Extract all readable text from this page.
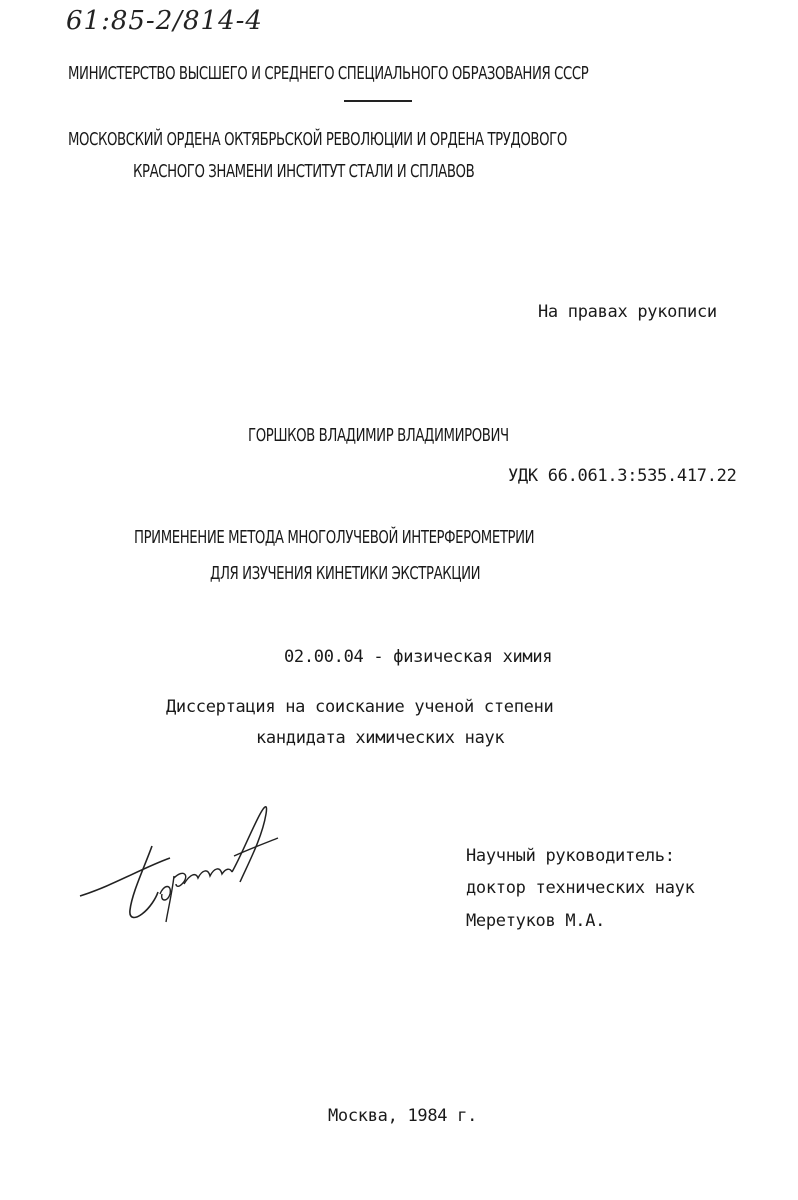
61:85-2/814-4
МИНИСТЕРСТВО ВЫСШЕГО И СРЕДНЕГО СПЕЦИАЛЬНОГО ОБРАЗОВАНИЯ СССР
МОСКОВСКИЙ ОРДЕНА ОКТЯБРЬСКОЙ РЕВОЛЮЦИИ И ОРДЕНА ТРУДОВОГО
КРАСНОГО ЗНАМЕНИ ИНСТИТУТ СТАЛИ И СПЛАВОВ
На правах рукописи
ГОРШКОВ ВЛАДИМИР ВЛАДИМИРОВИЧ
УДК 66.061.3:535.417.22
ПРИМЕНЕНИЕ МЕТОДА МНОГОЛУЧЕВОЙ ИНТЕРФЕРОМЕТРИИ
ДЛЯ ИЗУЧЕНИЯ КИНЕТИКИ ЭКСТРАКЦИИ
02.00.04 - физическая химия
Диссертация на соискание ученой степени
кандидата химических наук
Научный руководитель:
доктор технических наук
Меретуков М.А.
Москва, 1984 г.
